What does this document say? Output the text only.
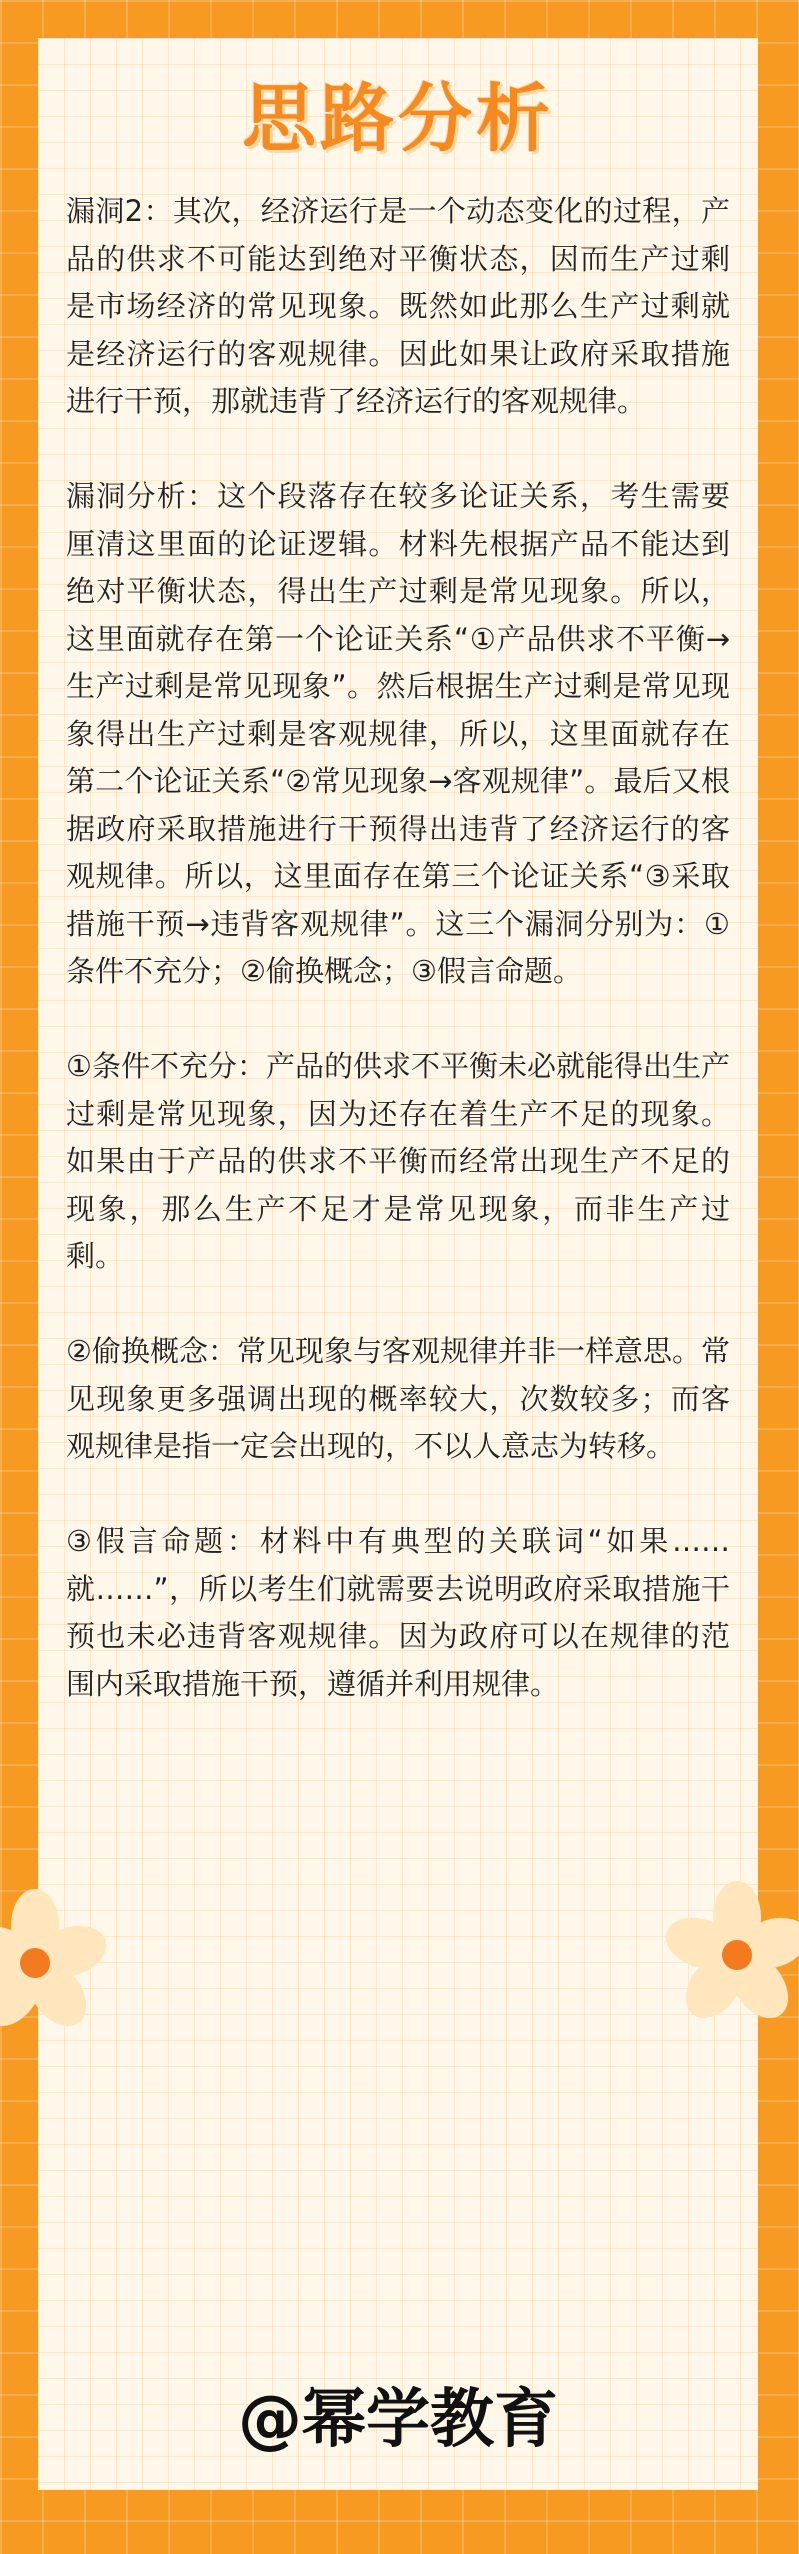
思路分析

漏洞2：其次，经济运行是一个动态变化的过程，产品的供求不可能达到绝对平衡状态，因而生产过剩是市场经济的常见现象。既然如此那么生产过剩就是经济运行的客观规律。因此如果让政府采取措施进行干预，那就违背了经济运行的客观规律。

漏洞分析：这个段落存在较多论证关系，考生需要厘清这里面的论证逻辑。材料先根据产品不能达到绝对平衡状态，得出生产过剩是常见现象。所以，这里面就存在第一个论证关系“①产品供求不平衡→生产过剩是常见现象”。然后根据生产过剩是常见现象得出生产过剩是客观规律，所以，这里面就存在第二个论证关系“②常见现象→客观规律”。最后又根据政府采取措施进行干预得出违背了经济运行的客观规律。所以，这里面存在第三个论证关系“③采取措施干预→违背客观规律”。这三个漏洞分别为：①条件不充分；②偷换概念；③假言命题。

①条件不充分：产品的供求不平衡未必就能得出生产过剩是常见现象，因为还存在着生产不足的现象。如果由于产品的供求不平衡而经常出现生产不足的现象，那么生产不足才是常见现象，而非生产过剩。

②偷换概念：常见现象与客观规律并非一样意思。常见现象更多强调出现的概率较大，次数较多；而客观规律是指一定会出现的，不以人意志为转移。

③假言命题：材料中有典型的关联词“如果……就……”，所以考生们就需要去说明政府采取措施干预也未必违背客观规律。因为政府可以在规律的范围内采取措施干预，遵循并利用规律。

@幂学教育
